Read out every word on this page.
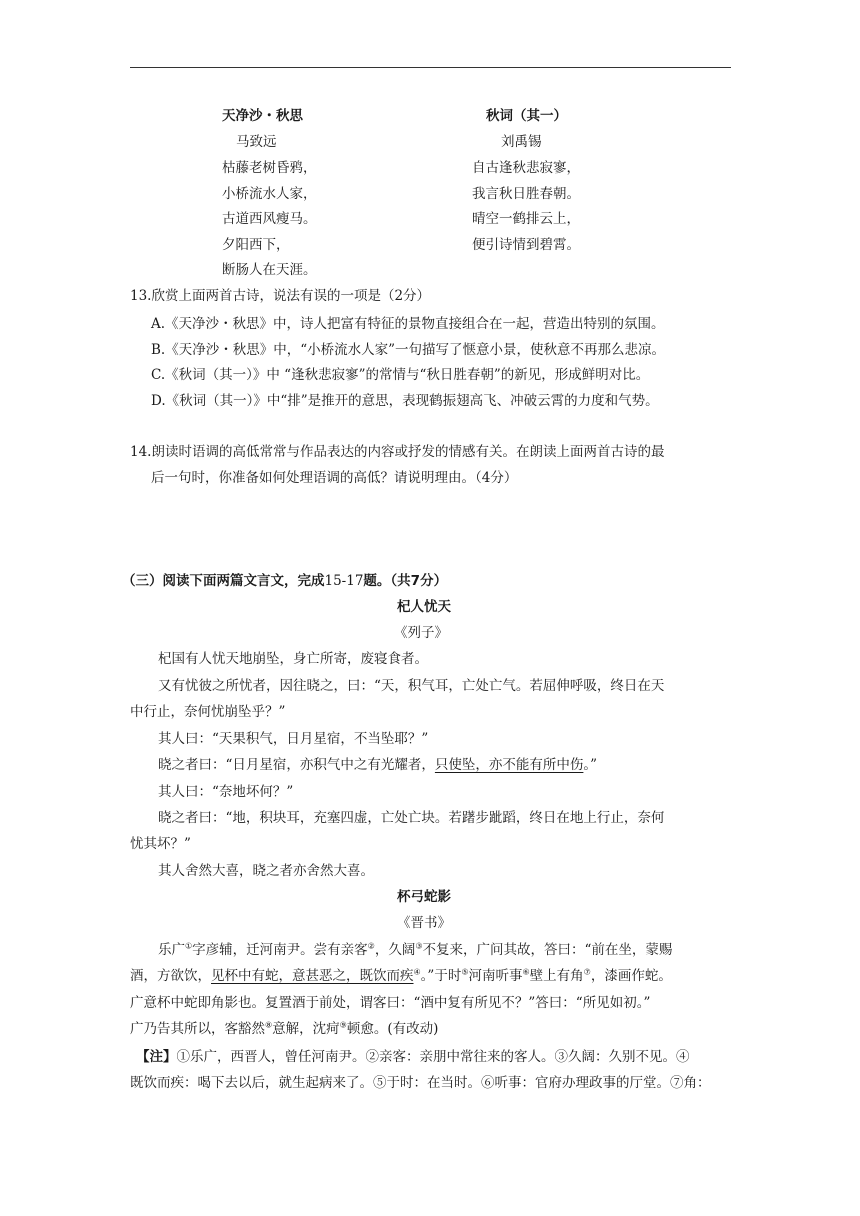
天净沙・秋思
马致远
枯藤老树昏鸦，
小桥流水人家，
古道西风瘦马。
夕阳西下，
断肠人在天涯。
秋词（其一）
刘禹锡
自古逢秋悲寂寥，
我言秋日胜春朝。
晴空一鹤排云上，
便引诗情到碧霄。
13.欣赏上面两首古诗，说法有误的一项是（2分）
A.《天净沙・秋思》中，诗人把富有特征的景物直接组合在一起，营造出特别的氛围。
B.《天净沙・秋思》中，“小桥流水人家”一句描写了惬意小景，使秋意不再那么悲凉。
C.《秋词（其一）》中 “逢秋悲寂寥”的常情与“秋日胜春朝”的新见，形成鲜明对比。
D.《秋词（其一）》中“排”是推开的意思，表现鹤振翅高飞、冲破云霄的力度和气势。
14.朗读时语调的高低常常与作品表达的内容或抒发的情感有关。在朗读上面两首古诗的最
后一句时，你准备如何处理语调的高低？请说明理由。（4分）
（三）阅读下面两篇文言文，完成15-17题。（共7分）
杞人忧天
《列子》
杞国有人忧天地崩坠，身亡所寄，废寝食者。
又有忧彼之所忧者，因往晓之，曰：“天，积气耳，亡处亡气。若屈伸呼吸，终日在天
中行止，奈何忧崩坠乎？”
其人曰：“天果积气，日月星宿，不当坠耶？”
晓之者曰：“日月星宿，亦积气中之有光耀者，只使坠，亦不能有所中伤。”
其人曰：“奈地坏何？”
晓之者曰：“地，积块耳，充塞四虚，亡处亡块。若躇步跐蹈，终日在地上行止，奈何
忧其坏？”
其人舍然大喜，晓之者亦舍然大喜。
杯弓蛇影
《晋书》
乐广①字彦辅，迁河南尹。尝有亲客②，久阔③不复来，广问其故，答曰：“前在坐，蒙赐
酒，方欲饮，见杯中有蛇，意甚恶之，既饮而疾④。”于时⑤河南听事⑥壁上有角⑦，漆画作蛇。
广意杯中蛇即角影也。复置酒于前处，谓客曰：“酒中复有所见不？”答曰：“所见如初。”
广乃告其所以，客豁然⑧意解，沈疴⑨顿愈。(有改动)
【注】①乐广，西晋人，曾任河南尹。②亲客：亲朋中常往来的客人。③久阔：久别不见。④
既饮而疾：喝下去以后，就生起病来了。⑤于时：在当时。⑥听事：官府办理政事的厅堂。⑦角：
